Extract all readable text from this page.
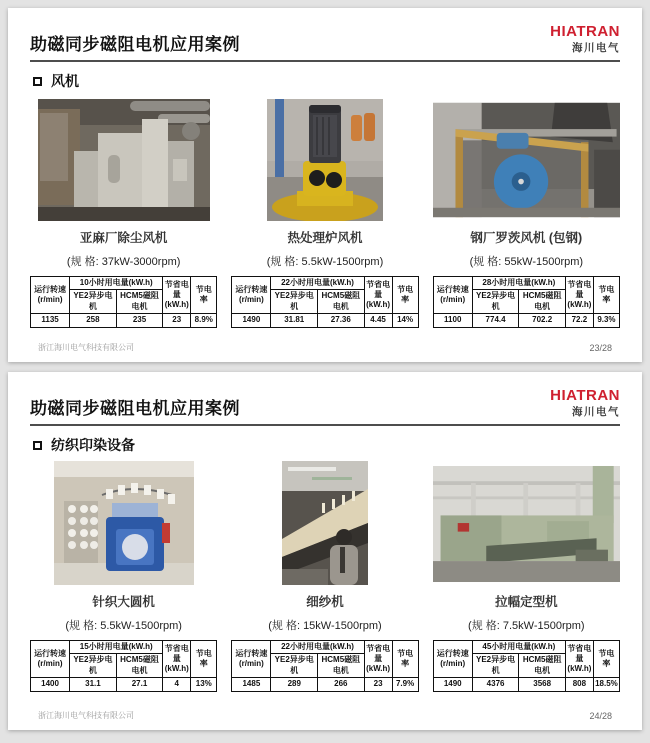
助磁同步磁阻电机应用案例
HIATRAN
海川电气
风机
亚麻厂除尘风机
(规 格: 37kW-3000rpm)
运行转速 (r/min)	10小时用电量(kW.h)		节省电量 (kW.h)	节电率
	YE2异步电机	HCM5磁阻电机		
1135	258	235	23	8.9%
热处理炉风机
(规 格: 5.5kW-1500rpm)
运行转速 (r/min)	22小时用电量(kW.h)		节省电量 (kW.h)	节电率
	YE2异步电机	HCM5磁阻电机		
1490	31.81	27.36	4.45	14%
钢厂罗茨风机 (包钢)
(规 格: 55kW-1500rpm)
运行转速 (r/min)	28小时用电量(kW.h)		节省电量 (kW.h)	节电率
	YE2异步电机	HCM5磁阻电机		
1100	774.4	702.2	72.2	9.3%
浙江海川电气科技有限公司	23/28
助磁同步磁阻电机应用案例
HIATRAN
海川电气
纺织印染设备
针织大圆机
(规 格: 5.5kW-1500rpm)
运行转速 (r/min)	15小时用电量(kW.h)		节省电量 (kW.h)	节电率
	YE2异步电机	HCM5磁阻电机		
1400	31.1	27.1	4	13%
细纱机
(规 格: 15kW-1500rpm)
运行转速 (r/min)	22小时用电量(kW.h)		节省电量 (kW.h)	节电率
	YE2异步电机	HCM5磁阻电机		
1485	289	266	23	7.9%
拉幅定型机
(规 格: 7.5kW-1500rpm)
运行转速 (r/min)	45小时用电量(kW.h)		节省电量 (kW.h)	节电率
	YE2异步电机	HCM5磁阻电机		
1490	4376	3568	808	18.5%
浙江海川电气科技有限公司	24/28
